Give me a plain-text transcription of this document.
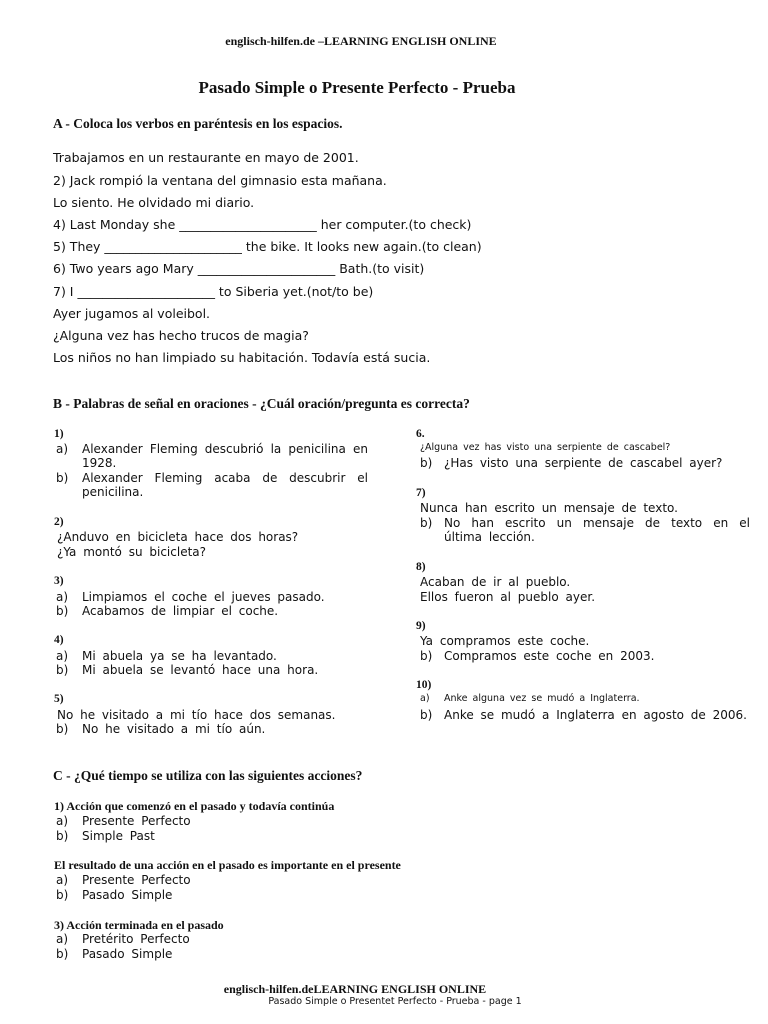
englisch-hilfen.de –LEARNING ENGLISH ONLINE
Pasado Simple o Presente Perfecto - Prueba
A - Coloca los verbos en paréntesis en los espacios.
Trabajamos en un restaurante en mayo de 2001.
2) Jack rompió la ventana del gimnasio esta mañana.
Lo siento. He olvidado mi diario.
4) Last Monday she ______________________ her computer.(to check)
5) They ______________________ the bike. It looks new again.(to clean)
6) Two years ago Mary ______________________ Bath.(to visit)
7) I ______________________ to Siberia yet.(not/to be)
Ayer jugamos al voleibol.
¿Alguna vez has hecho trucos de magia?
Los niños no han limpiado su habitación. Todavía está sucia.
B - Palabras de señal en oraciones - ¿Cuál oración/pregunta es correcta?
1)
a) Alexander Fleming descubrió la penicilina en 1928.
b) Alexander Fleming acaba de descubrir el penicilina.
2)
¿Anduvo en bicicleta hace dos horas?
¿Ya montó su bicicleta?
3)
a) Limpiamos el coche el jueves pasado.
b) Acabamos de limpiar el coche.
4)
a) Mi abuela ya se ha levantado.
b) Mi abuela se levantó hace una hora.
5)
No he visitado a mi tío hace dos semanas.
b) No he visitado a mi tío aún.
6.
¿Alguna vez has visto una serpiente de cascabel?
b) ¿Has visto una serpiente de cascabel ayer?
7)
Nunca han escrito un mensaje de texto.
b) No han escrito un mensaje de texto en el última lección.
8)
Acaban de ir al pueblo.
Ellos fueron al pueblo ayer.
9)
Ya compramos este coche.
b) Compramos este coche en 2003.
10)
a) Anke alguna vez se mudó a Inglaterra.
b) Anke se mudó a Inglaterra en agosto de 2006.
C - ¿Qué tiempo se utiliza con las siguientes acciones?
1) Acción que comenzó en el pasado y todavía continúa
a) Presente Perfecto
b) Simple Past
El resultado de una acción en el pasado es importante en el presente
a) Presente Perfecto
b) Pasado Simple
3) Acción terminada en el pasado
a) Pretérito Perfecto
b) Pasado Simple
englisch-hilfen.deLEARNING ENGLISH ONLINE
Pasado Simple o Presentet Perfecto - Prueba - page 1
